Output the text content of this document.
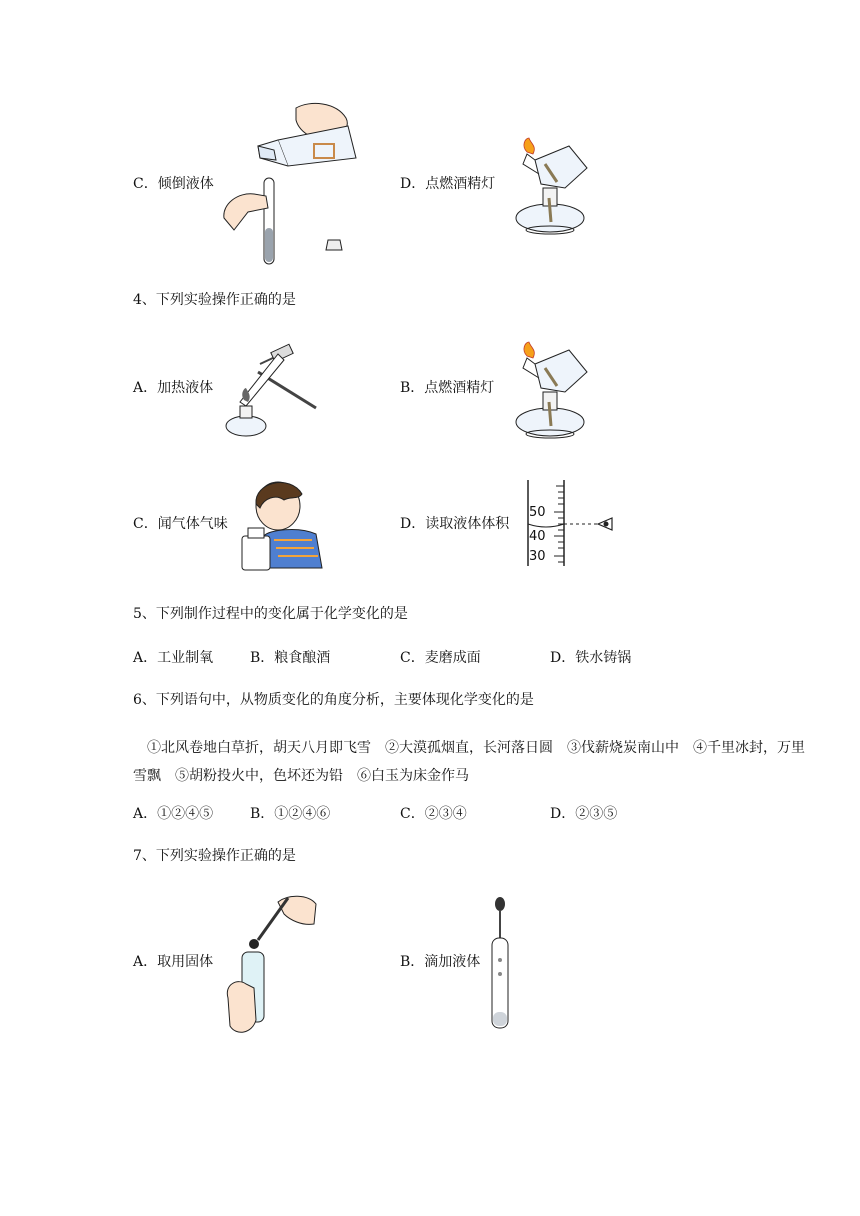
C．倾倒液体	D．点燃酒精灯
4、下列实验操作正确的是
A．加热液体	B．点燃酒精灯
C．闻气体气味	D．读取液体体积
50
40
30
5、下列制作过程中的变化属于化学变化的是
A．工业制氧	B．粮食酿酒	C．麦磨成面	D．铁水铸锅
6、下列语句中，从物质变化的角度分析，主要体现化学变化的是
①北风卷地白草折，胡天八月即飞雪　②大漠孤烟直，长河落日圆　③伐薪烧炭南山中　④千里冰封，万里雪飘　⑤胡粉投火中，色坏还为铅　⑥白玉为床金作马
A．①②④⑤	B．①②④⑥	C．②③④	D．②③⑤
7、下列实验操作正确的是
A．取用固体	B．滴加液体
